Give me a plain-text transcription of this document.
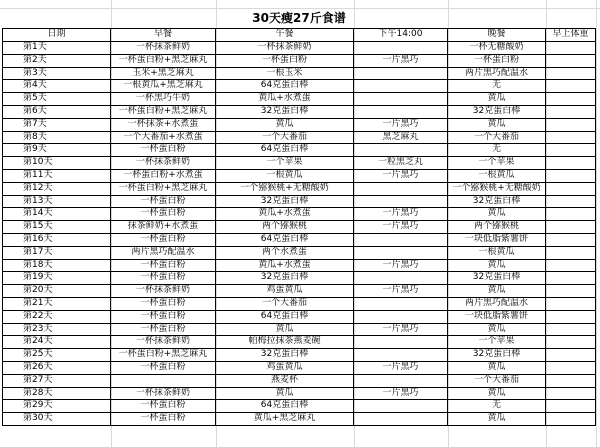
30天瘦27斤食谱					
日期	早餐	午餐	下午14:00	晚餐	早上体重
第1天	一杯抹茶鲜奶	一杯抹茶鲜奶		一杯无糖酸奶	
第2天	一杯蛋白粉+黑芝麻丸	一杯蛋白粉	一片黑巧	一杯蛋白粉	
第3天	玉米+黑芝麻丸	一根玉米		两片黑巧配温水	
第4天	一根黄瓜+黑芝麻丸	64克蛋白棒		无	
第5天	一杯黑巧牛奶	黄瓜+水煮蛋		黄瓜	
第6天	一杯蛋白粉+黑芝麻丸	32克蛋白棒		32克蛋白棒	
第7天	一杯抹茶+水煮蛋	黄瓜	一片黑巧	黄瓜	
第8天	一个大番茄+水煮蛋	一个大番茄	黑芝麻丸	一个大番茄	
第9天	一杯蛋白粉	64克蛋白棒		无	
第10天	一杯抹茶鲜奶	一个苹果	一粒黑芝丸	一个苹果	
第11天	一杯蛋白粉+水煮蛋	一根黄瓜	一片黑巧	一根黄瓜	
第12天	一杯蛋白粉+黑芝麻丸	一个猕猴桃+无糖酸奶		一个猕猴桃+无糖酸奶	
第13天	一杯蛋白粉	32克蛋白棒		32克蛋白棒	
第14天	一杯蛋白粉	黄瓜+水煮蛋	一片黑巧	黄瓜	
第15天	抹茶鲜奶+水煮蛋	两个猕猴桃	一片黑巧	两个猕猴桃	
第16天	一杯蛋白粉	64克蛋白棒		一块低脂紫薯饼	
第17天	两片黑巧配温水	两个水煮蛋		一根黄瓜	
第18天	一杯蛋白粉	黄瓜+水煮蛋	一片黑巧	黄瓜	
第19天	一杯蛋白粉	32克蛋白棒		32克蛋白棒	
第20天	一杯抹茶鲜奶	鸡蛋黄瓜	一片黑巧	黄瓜	
第21天	一杯蛋白粉	一个大番茄		两片黑巧配温水	
第22天	一杯蛋白粉	64克蛋白棒		一块低脂紫薯饼	
第23天	一杯蛋白粉	黄瓜	一片黑巧	黄瓜	
第24天	一杯抹茶鲜奶	帕梅拉抹茶燕麦碗		一个苹果	
第25天	一杯蛋白粉+黑芝麻丸	32克蛋白棒		32克蛋白棒	
第26天	一杯蛋白粉	鸡蛋黄瓜	一片黑巧	黄瓜	
第27天		燕麦杯		一个大番茄	
第28天	一杯抹茶鲜奶	黄瓜	一片黑巧	黄瓜	
第29天	一杯蛋白粉	64克蛋白棒		无	
第30天	一杯蛋白粉	黄瓜+黑芝麻丸		黄瓜	
